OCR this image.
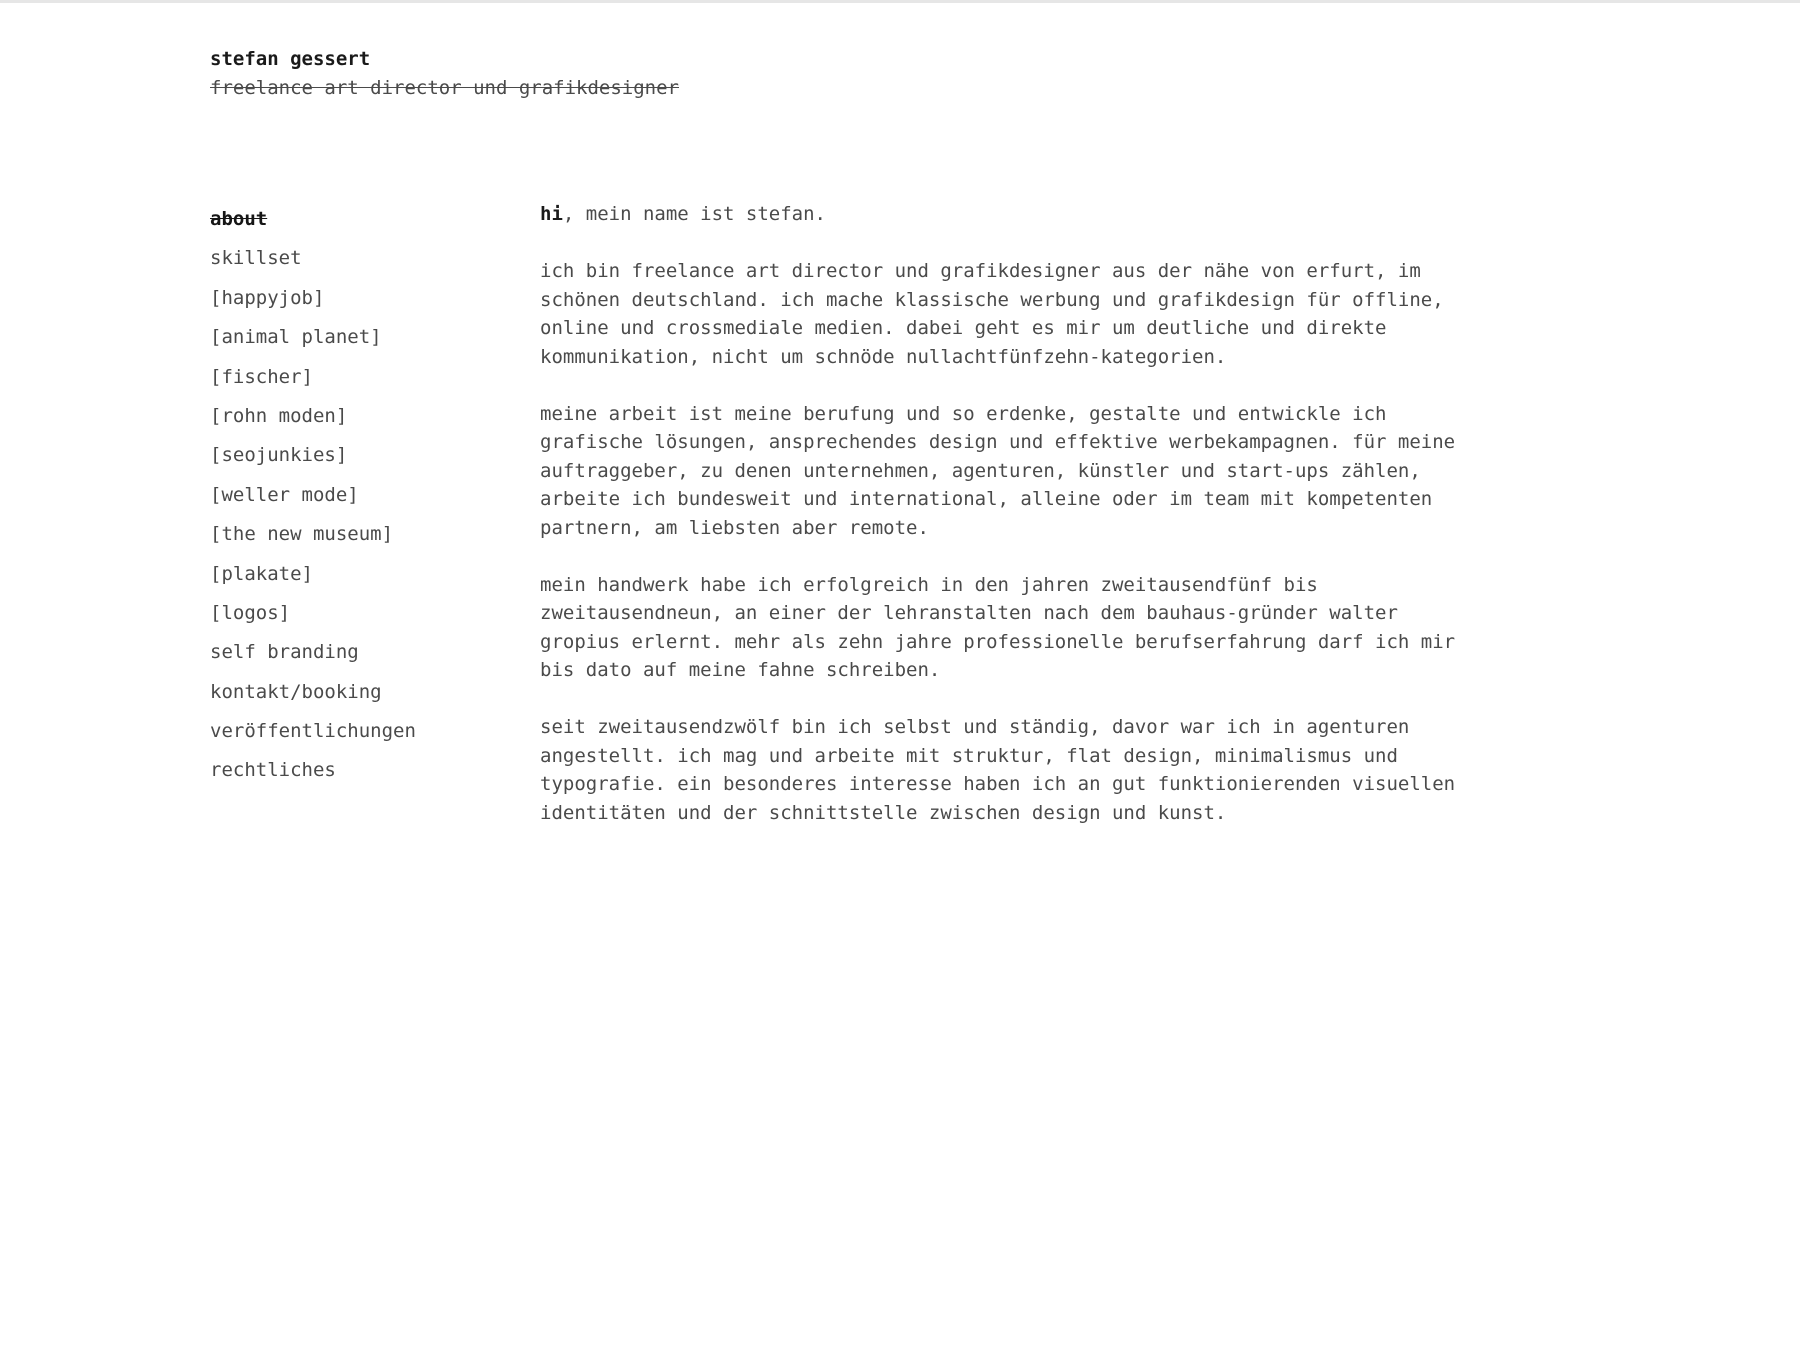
stefan gessert
freelance art director und grafikdesigner
about
skillset
[happyjob]
[animal planet]
[fischer]
[rohn moden]
[seojunkies]
[weller mode]
[the new museum]
[plakate]
[logos]
self branding
kontakt/booking
veröffentlichungen
rechtliches

hi, mein name ist stefan.

ich bin freelance art director und grafikdesigner aus der nähe von erfurt, im
schönen deutschland. ich mache klassische werbung und grafikdesign für offline,
online und crossmediale medien. dabei geht es mir um deutliche und direkte
kommunikation, nicht um schnöde nullachtfünfzehn-kategorien.

meine arbeit ist meine berufung und so erdenke, gestalte und entwickle ich
grafische lösungen, ansprechendes design und effektive werbekampagnen. für meine
auftraggeber, zu denen unternehmen, agenturen, künstler und start-ups zählen,
arbeite ich bundesweit und international, alleine oder im team mit kompetenten
partnern, am liebsten aber remote.

mein handwerk habe ich erfolgreich in den jahren zweitausendfünf bis
zweitausendneun, an einer der lehranstalten nach dem bauhaus-gründer walter
gropius erlernt. mehr als zehn jahre professionelle berufserfahrung darf ich mir
bis dato auf meine fahne schreiben.

seit zweitausendzwölf bin ich selbst und ständig, davor war ich in agenturen
angestellt. ich mag und arbeite mit struktur, flat design, minimalismus und
typografie. ein besonderes interesse haben ich an gut funktionierenden visuellen
identitäten und der schnittstelle zwischen design und kunst.
